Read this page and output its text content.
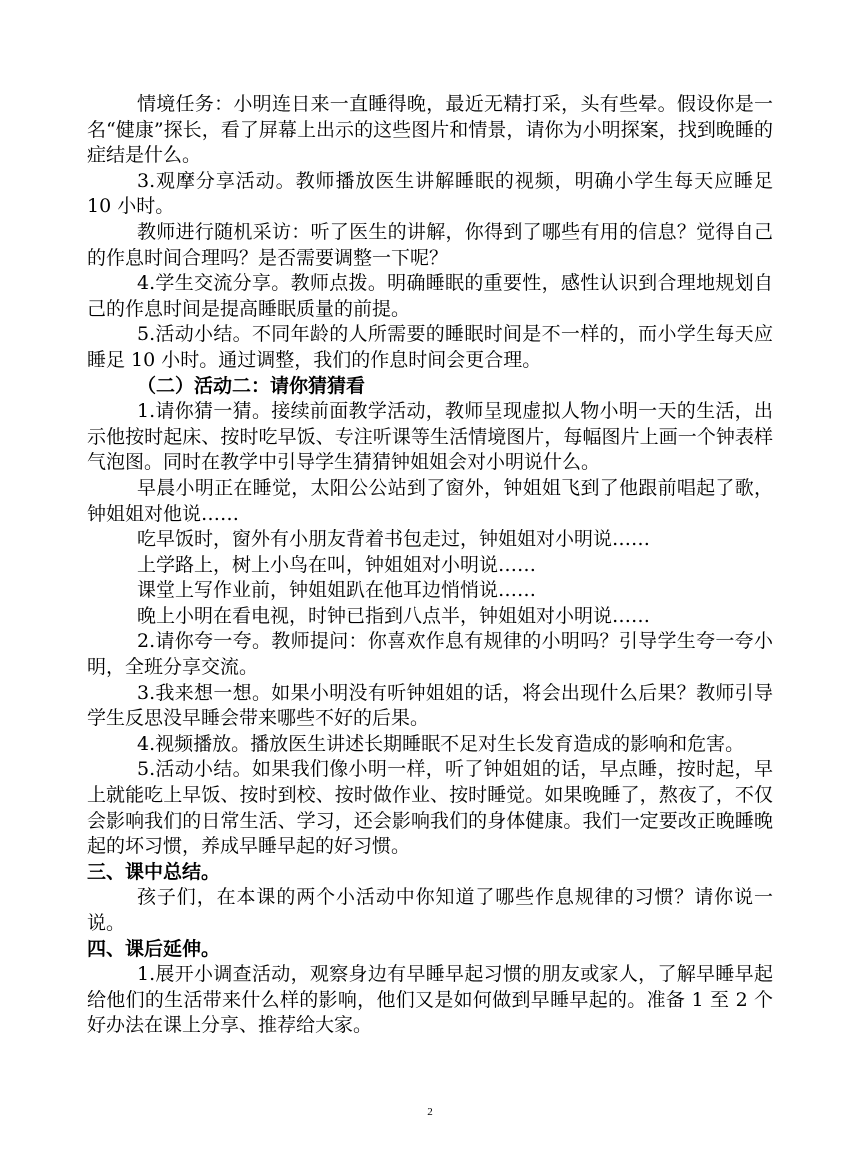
情境任务：小明连日来一直睡得晚，最近无精打采，头有些晕。假设你是一名“健康”探长，看了屏幕上出示的这些图片和情景，请你为小明探案，找到晚睡的症结是什么。

3.观摩分享活动。教师播放医生讲解睡眠的视频，明确小学生每天应睡足 10 小时。

教师进行随机采访：听了医生的讲解，你得到了哪些有用的信息？觉得自己的作息时间合理吗？是否需要调整一下呢？

4.学生交流分享。教师点拨。明确睡眠的重要性，感性认识到合理地规划自己的作息时间是提高睡眠质量的前提。

5.活动小结。不同年龄的人所需要的睡眠时间是不一样的，而小学生每天应睡足 10 小时。通过调整，我们的作息时间会更合理。

（二）活动二：请你猜猜看

1.请你猜一猜。接续前面教学活动，教师呈现虚拟人物小明一天的生活，出示他按时起床、按时吃早饭、专注听课等生活情境图片，每幅图片上画一个钟表样气泡图。同时在教学中引导学生猜猜钟姐姐会对小明说什么。

早晨小明正在睡觉，太阳公公站到了窗外，钟姐姐飞到了他跟前唱起了歌，钟姐姐对他说……

吃早饭时，窗外有小朋友背着书包走过，钟姐姐对小明说……

上学路上，树上小鸟在叫，钟姐姐对小明说……

课堂上写作业前，钟姐姐趴在他耳边悄悄说……

晚上小明在看电视，时钟已指到八点半，钟姐姐对小明说……

2.请你夸一夸。教师提问：你喜欢作息有规律的小明吗？引导学生夸一夸小明，全班分享交流。

3.我来想一想。如果小明没有听钟姐姐的话，将会出现什么后果？教师引导学生反思没早睡会带来哪些不好的后果。

4.视频播放。播放医生讲述长期睡眠不足对生长发育造成的影响和危害。

5.活动小结。如果我们像小明一样，听了钟姐姐的话，早点睡，按时起，早上就能吃上早饭、按时到校、按时做作业、按时睡觉。如果晚睡了，熬夜了，不仅会影响我们的日常生活、学习，还会影响我们的身体健康。我们一定要改正晚睡晚起的坏习惯，养成早睡早起的好习惯。

三、课中总结。

孩子们，在本课的两个小活动中你知道了哪些作息规律的习惯？请你说一说。

四、课后延伸。

1.展开小调查活动，观察身边有早睡早起习惯的朋友或家人，了解早睡早起给他们的生活带来什么样的影响，他们又是如何做到早睡早起的。准备 1 至 2 个好办法在课上分享、推荐给大家。

2
